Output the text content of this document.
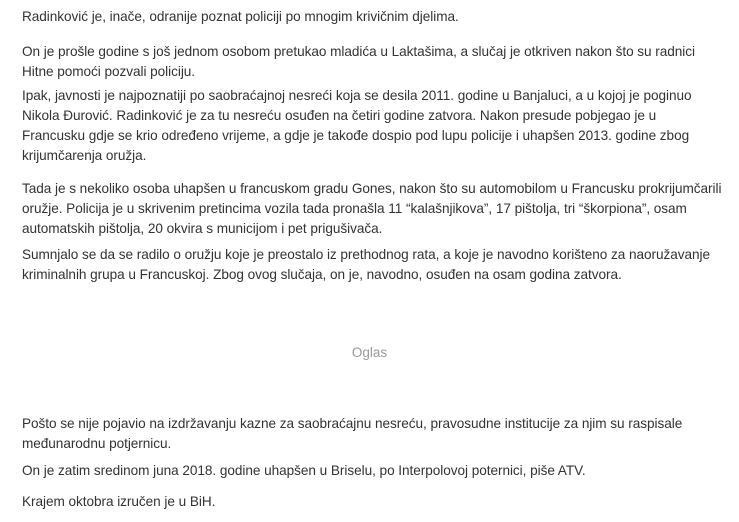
Radinković je, inače, odranije poznat policiji po mnogim krivičnim djelima.

On je prošle godine s još jednom osobom pretukao mladića u Laktašima, a slučaj je otkriven nakon što su radnici Hitne pomoći pozvali policiju.

Ipak, javnosti je najpoznatiji po saobraćajnoj nesreći koja se desila 2011. godine u Banjaluci, a u kojoj je poginuo Nikola Đurović. Radinković je za tu nesreću osuđen na četiri godine zatvora. Nakon presude pobjegao je u Francusku gdje se krio određeno vrijeme, a gdje je takođe dospio pod lupu policije i uhapšen 2013. godine zbog krijumčarenja oružja.

Tada je s nekoliko osoba uhapšen u francuskom gradu Gones, nakon što su automobilom u Francusku prokrijumčarili oružje. Policija je u skrivenim pretincima vozila tada pronašla 11 “kalašnjikova”, 17 pištolja, tri “škorpiona”, osam automatskih pištolja, 20 okvira s municijom i pet prigušivača.

Sumnjalo se da se radilo o oružju koje je preostalo iz prethodnog rata, a koje je navodno korišteno za naoružavanje kriminalnih grupa u Francuskoj. Zbog ovog slučaja, on je, navodno, osuđen na osam godina zatvora.

Oglas

Pošto se nije pojavio na izdržavanju kazne za saobraćajnu nesreću, pravosudne institucije za njim su raspisale međunarodnu potjernicu.

On je zatim sredinom juna 2018. godine uhapšen u Briselu, po Interpolovoj poternici, piše ATV.

Krajem oktobra izručen je u BiH.
